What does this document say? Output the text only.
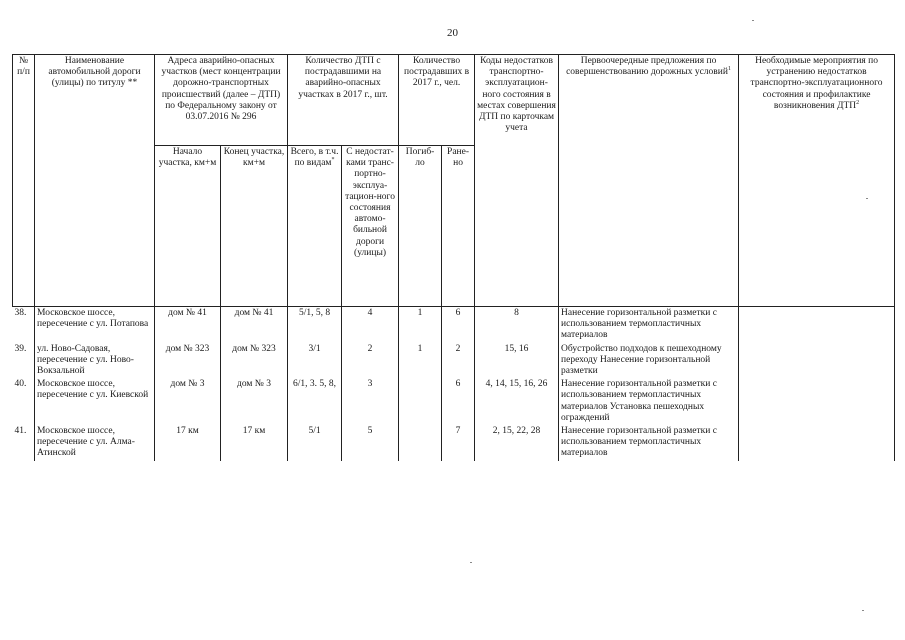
20
№ п/п	Наименование автомобильной дороги (улицы) по титулу **	Адреса аварийно-опасных участков (мест концентрации дорожно-транспортных происшествий (далее – ДТП) по Федеральному закону от 03.07.2016 № 296		Количество ДТП с пострадавшими на аварийно-опасных участках в 2017 г., шт.		Количество пострадавших в 2017 г., чел.		Коды недостатков транспортно-эксплуатацион-ного состояния в местах совершения ДТП по карточкам учета	Первоочередные предложения по совершенствованию дорожных условий$^1$	Необходимые мероприятия по устранению недостатков транспортно-эксплуатационного состояния и профилактике возникновения ДТП$^2$
		Начало участка, км+м	Конец участка, км+м	Всего, в т.ч. по видам*	С недостат-ками транс-портно-эксплуа-тацион-ного состояния автомо-бильной дороги (улицы)	Погиб-ло	Ране-но			
38.	Московское шоссе, пересечение с ул. Потапова	дом № 41	дом № 41	5/1, 5, 8	4	1	6	8	Нанесение горизонтальной разметки с использованием термопластичных материалов	
39.	ул. Ново-Садовая, пересечение с ул. Ново-Вокзальной	дом № 323	дом № 323	3/1	2	1	2	15, 16	Обустройство подходов к пешеходному переходу Нанесение горизонтальной разметки	
40.	Московское шоссе, пересечение с ул. Киевской	дом № 3	дом № 3	6/1, 3. 5, 8,	3		6	4, 14, 15, 16, 26	Нанесение горизонтальной разметки с использованием термопластичных материалов Установка пешеходных ограждений	
41.	Московское шоссе, пересечение с ул. Алма-Атинской	17 км	17 км	5/1	5		7	2, 15, 22, 28	Нанесение горизонтальной разметки с использованием термопластичных материалов	
